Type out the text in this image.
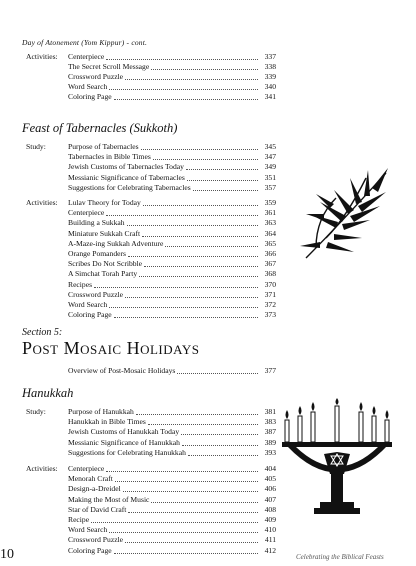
Day of Atonement (Yom Kippur) - cont.
Feast of Tabernacles (Sukkoth)
Section 5:
Post Mosaic Holidays
Hanukkah
Activities: Centerpiece	337
The Secret Scroll Message	338
Crossword Puzzle	339
Word Search	340
Coloring Page	341
Study:	Purpose of Tabernacles	345
Tabernacles in Bible Times	347
Jewish Customs of Tabernacles Today	349
Messianic Significance of Tabernacles	351
Suggestions for Celebrating Tabernacles	357
Activities: Lulav Theory for Today	359
Centerpiece	361
Building a Sukkah	363
Miniature Sukkah Craft	364
A-Maze-ing Sukkah Adventure	365
Orange Pomanders	366
Scribes Do Not Scribble	367
A Simchat Torah Party	368
Recipes	370
Crossword Puzzle	371
Word Search	372
Coloring Page	373
Overview of Post-Mosaic Holidays	377
Study:	Purpose of Hanukkah	381
Hanukkah in Bible Times	383
Jewish Customs of Hanukkah Today	387
Messianic Significance of Hanukkah	389
Suggestions for Celebrating Hanukkah	393
Activities: Centerpiece	404
Menorah Craft	405
Design-a-Dreidel	406
Making the Most of Music	407
Star of David Craft	408
Recipe	409
Word Search	410
Crossword Puzzle	411
Coloring Page	412
10	Celebrating the Biblical Feasts
